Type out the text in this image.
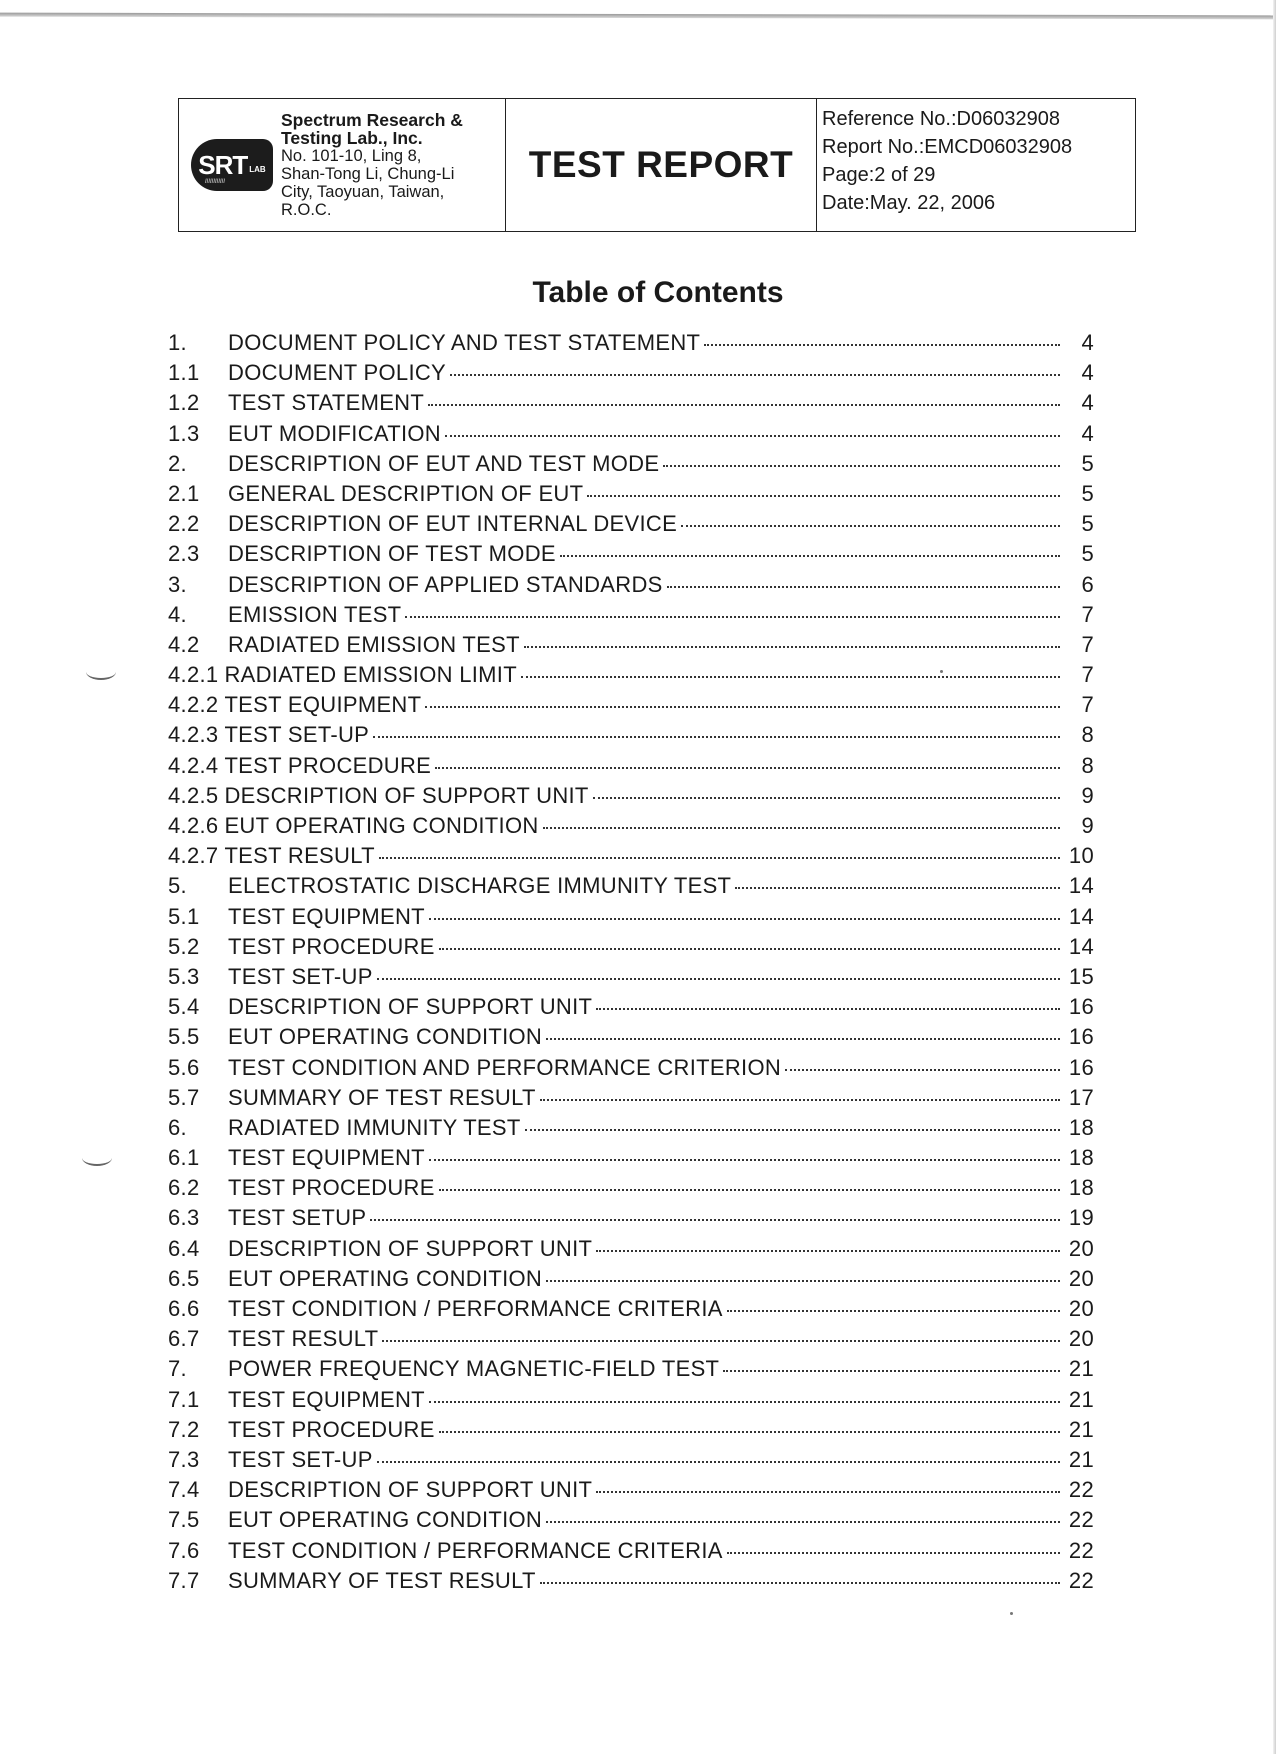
SRT LAB
////////////
Spectrum Research & Testing Lab., Inc.
No. 101-10, Ling 8,
Shan-Tong Li, Chung-Li
City, Taoyuan, Taiwan,
R.O.C.
TEST REPORT
Reference No.:D06032908
Report No.:EMCD06032908
Page:2 of 29
Date:May. 22, 2006
Table of Contents
1.	DOCUMENT POLICY AND TEST STATEMENT	4
1.1	DOCUMENT POLICY	4
1.2	TEST STATEMENT	4
1.3	EUT MODIFICATION	4
2.	DESCRIPTION OF EUT AND TEST MODE	5
2.1	GENERAL DESCRIPTION OF EUT	5
2.2	DESCRIPTION OF EUT INTERNAL DEVICE	5
2.3	DESCRIPTION OF TEST MODE	5
3.	DESCRIPTION OF APPLIED STANDARDS	6
4.	EMISSION TEST	7
4.2	RADIATED EMISSION TEST	7
4.2.1 RADIATED EMISSION LIMIT	7
4.2.2 TEST EQUIPMENT	7
4.2.3 TEST SET-UP	8
4.2.4 TEST PROCEDURE	8
4.2.5 DESCRIPTION OF SUPPORT UNIT	9
4.2.6 EUT OPERATING CONDITION	9
4.2.7 TEST RESULT	10
5.	ELECTROSTATIC DISCHARGE IMMUNITY TEST	14
5.1	TEST EQUIPMENT	14
5.2	TEST PROCEDURE	14
5.3	TEST SET-UP	15
5.4	DESCRIPTION OF SUPPORT UNIT	16
5.5	EUT OPERATING CONDITION	16
5.6	TEST CONDITION AND PERFORMANCE CRITERION	16
5.7	SUMMARY OF TEST RESULT	17
6.	RADIATED IMMUNITY TEST	18
6.1	TEST EQUIPMENT	18
6.2	TEST PROCEDURE	18
6.3	TEST SETUP	19
6.4	DESCRIPTION OF SUPPORT UNIT	20
6.5	EUT OPERATING CONDITION	20
6.6	TEST CONDITION / PERFORMANCE CRITERIA	20
6.7	TEST RESULT	20
7.	POWER FREQUENCY MAGNETIC-FIELD TEST	21
7.1	TEST EQUIPMENT	21
7.2	TEST PROCEDURE	21
7.3	TEST SET-UP	21
7.4	DESCRIPTION OF SUPPORT UNIT	22
7.5	EUT OPERATING CONDITION	22
7.6	TEST CONDITION / PERFORMANCE CRITERIA	22
7.7	SUMMARY OF TEST RESULT	22
